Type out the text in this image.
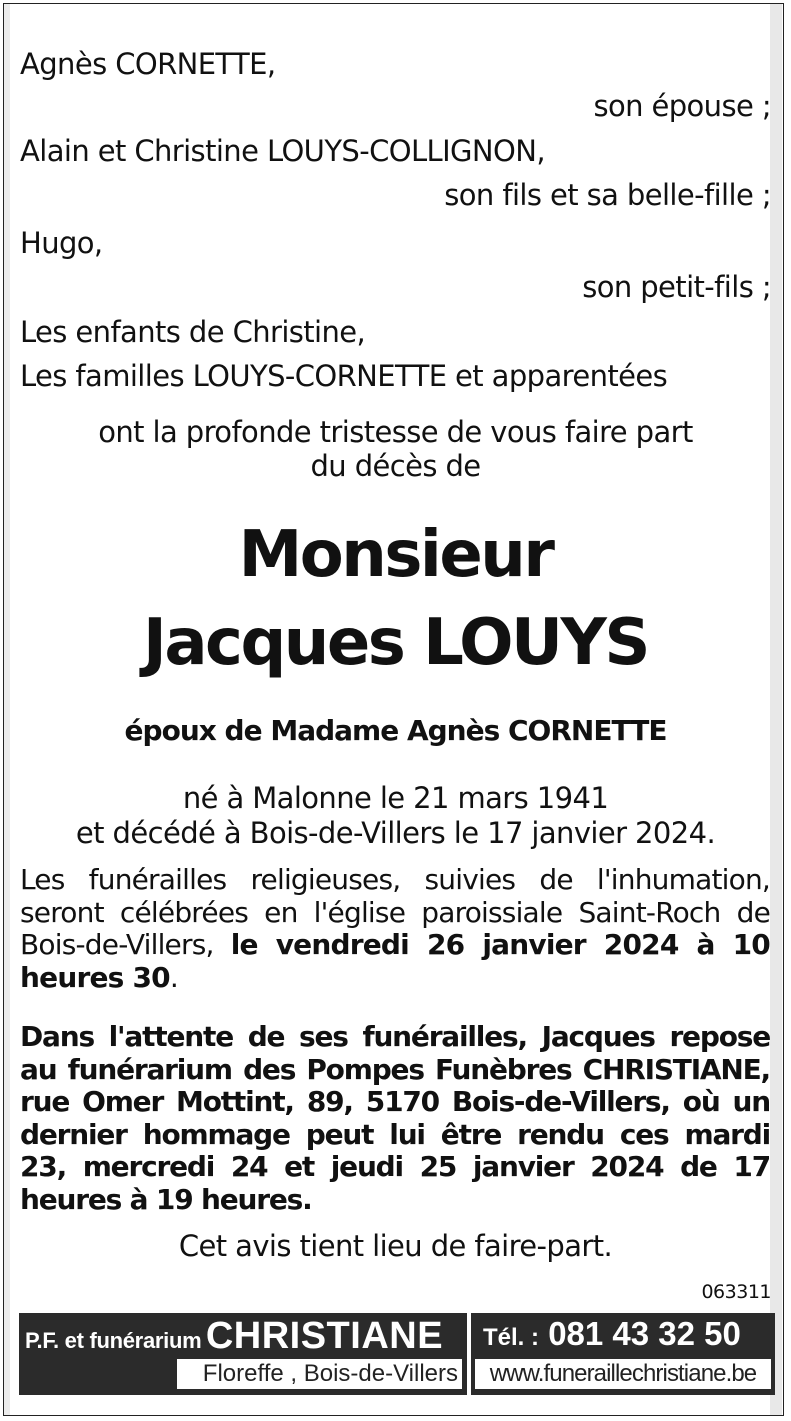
Agnès CORNETTE,
son épouse ;
Alain et Christine LOUYS-COLLIGNON,
son fils et sa belle-fille ;
Hugo,
son petit-fils ;
Les enfants de Christine,
Les familles LOUYS-CORNETTE et apparentées
ont la profonde tristesse de vous faire part
du décès de
Monsieur
Jacques LOUYS
époux de Madame Agnès CORNETTE
né à Malonne le 21 mars 1941
et décédé à Bois-de-Villers le 17 janvier 2024.
Les funérailles religieuses, suivies de l'inhumation, seront célébrées en l'église paroissiale Saint-Roch de Bois-de-Villers, le vendredi 26 janvier 2024 à 10 heures 30.
Dans l'attente de ses funérailles, Jacques repose au funérarium des Pompes Funèbres CHRISTIANE, rue Omer Mottint, 89, 5170 Bois-de-Villers, où un dernier hommage peut lui être rendu ces mardi 23, mercredi 24 et jeudi 25 janvier 2024 de 17 heures à 19 heures.
Cet avis tient lieu de faire-part.
063311
P.F. et funérarium CHRISTIANE
Floreffe , Bois-de-Villers
Tél. : 081 43 32 50
www.funeraillechristiane.be
